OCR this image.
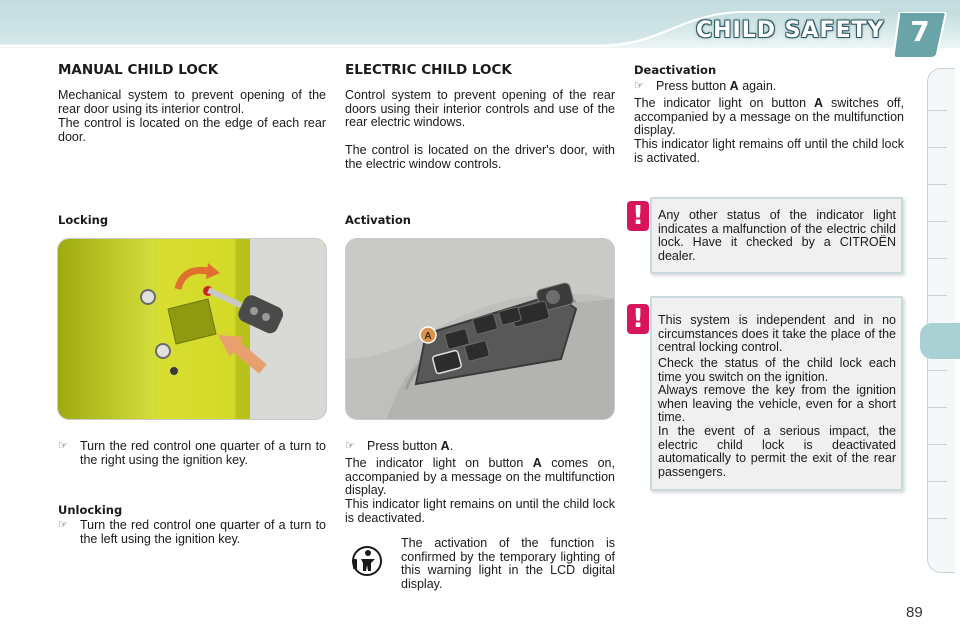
CHILD SAFETY 7
MANUAL CHILD LOCK
Mechanical system to prevent opening of the rear door using its interior control.
The control is located on the edge of each rear door.
Locking
☞ Turn the red control one quarter of a turn to the right using the ignition key.
Unlocking
☞ Turn the red control one quarter of a turn to the left using the ignition key.
ELECTRIC CHILD LOCK
Control system to prevent opening of the rear doors using their interior controls and use of the rear electric windows.
The control is located on the driver's door, with the electric window controls.
Activation
A
☞ Press button A.
The indicator light on button A comes on, accompanied by a message on the multifunction display.
This indicator light remains on until the child lock is deactivated.
The activation of the function is confirmed by the temporary lighting of this warning light in the LCD digital display.
Deactivation
☞ Press button A again.
The indicator light on button A switches off, accompanied by a message on the multifunction display.
This indicator light remains off until the child lock is activated.
!	Any other status of the indicator light indicates a malfunction of the electric child lock. Have it checked by a CITROËN dealer.
!	This system is independent and in no circumstances does it take the place of the central locking control.
Check the status of the child lock each time you switch on the ignition.
Always remove the key from the ignition when leaving the vehicle, even for a short time.
In the event of a serious impact, the electric child lock is deactivated automatically to permit the exit of the rear passengers.
89
